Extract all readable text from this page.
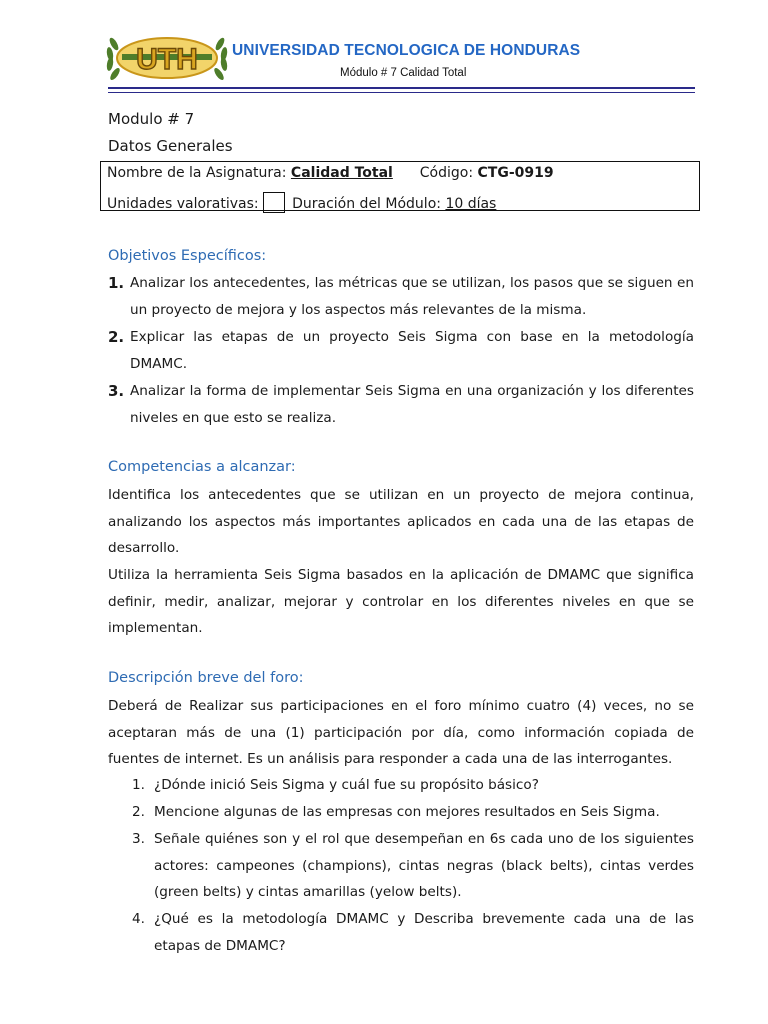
UTH UNIVERSIDAD TECNOLOGICA DE HONDURAS
Módulo # 7 Calidad Total
Modulo # 7
Datos Generales
Nombre de la Asignatura: Calidad Total Código: CTG-0919
Unidades valorativas: Duración del Módulo: 10 días
Objetivos Específicos:
1. Analizar los antecedentes, las métricas que se utilizan, los pasos que se siguen en un proyecto de mejora y los aspectos más relevantes de la misma.
2. Explicar las etapas de un proyecto Seis Sigma con base en la metodología DMAMC.
3. Analizar la forma de implementar Seis Sigma en una organización y los diferentes niveles en que esto se realiza.
Competencias a alcanzar:
Identifica los antecedentes que se utilizan en un proyecto de mejora continua, analizando los aspectos más importantes aplicados en cada una de las etapas de desarrollo.
Utiliza la herramienta Seis Sigma basados en la aplicación de DMAMC que significa definir, medir, analizar, mejorar y controlar en los diferentes niveles en que se implementan.
Descripción breve del foro:
Deberá de Realizar sus participaciones en el foro mínimo cuatro (4) veces, no se aceptaran más de una (1) participación por día, como información copiada de fuentes de internet. Es un análisis para responder a cada una de las interrogantes.
1. ¿Dónde inició Seis Sigma y cuál fue su propósito básico?
2. Mencione algunas de las empresas con mejores resultados en Seis Sigma.
3. Señale quiénes son y el rol que desempeñan en 6s cada uno de los siguientes actores: campeones (champions), cintas negras (black belts), cintas verdes (green belts) y cintas amarillas (yelow belts).
4. ¿Qué es la metodología DMAMC y Describa brevemente cada una de las etapas de DMAMC?
